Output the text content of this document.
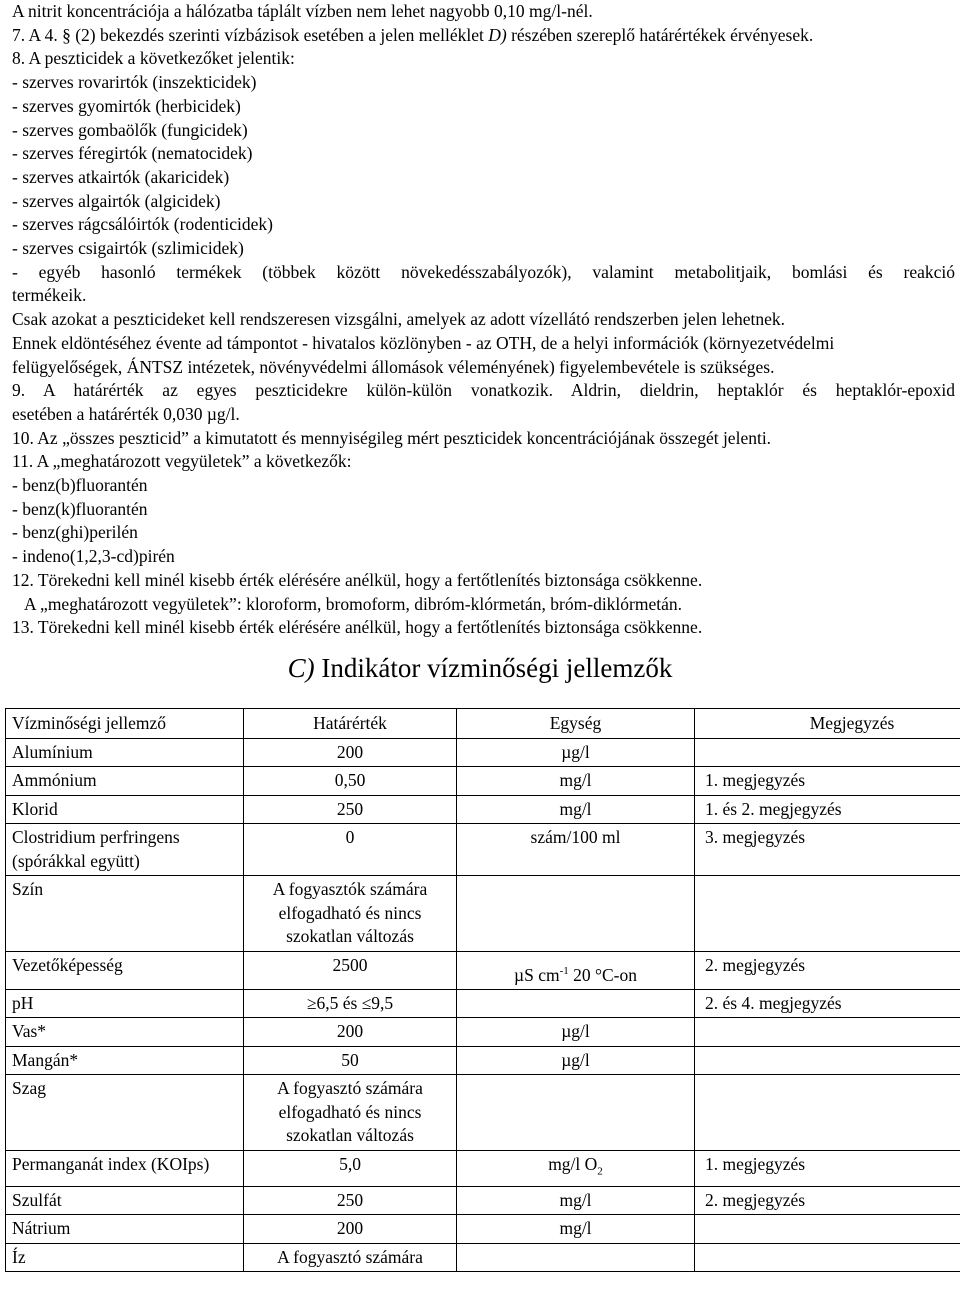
A nitrit koncentrációja a hálózatba táplált vízben nem lehet nagyobb 0,10 mg/l-nél.
7. A 4. § (2) bekezdés szerinti vízbázisok esetében a jelen melléklet D) részében szereplő határértékek érvényesek.
8. A peszticidek a következőket jelentik:
- szerves rovarirtók (inszekticidek)
- szerves gyomirtók (herbicidek)
- szerves gombaölők (fungicidek)
- szerves féregirtók (nematocidek)
- szerves atkairtók (akaricidek)
- szerves algairtók (algicidek)
- szerves rágcsálóirtók (rodenticidek)
- szerves csigairtók (szlimicidek)
- egyéb hasonló termékek (többek között növekedésszabályozók), valamint metabolitjaik, bomlási és reakció
termékeik.
Csak azokat a peszticideket kell rendszeresen vizsgálni, amelyek az adott vízellátó rendszerben jelen lehetnek.
Ennek eldöntéséhez évente ad támpontot - hivatalos közlönyben - az OTH, de a helyi információk (környezetvédelmi
felügyelőségek, ÁNTSZ intézetek, növényvédelmi állomások véleményének) figyelembevétele is szükséges.
9. A határérték az egyes peszticidekre külön-külön vonatkozik. Aldrin, dieldrin, heptaklór és heptaklór-epoxid
esetében a határérték 0,030 µg/l.
10. Az „összes peszticid” a kimutatott és mennyiségileg mért peszticidek koncentrációjának összegét jelenti.
11. A „meghatározott vegyületek” a következők:
- benz(b)fluorantén
- benz(k)fluorantén
- benz(ghi)perilén
- indeno(1,2,3-cd)pirén
12. Törekedni kell minél kisebb érték elérésére anélkül, hogy a fertőtlenítés biztonsága csökkenne.
A „meghatározott vegyületek”: kloroform, bromoform, dibróm-klórmetán, bróm-diklórmetán.
13. Törekedni kell minél kisebb érték elérésére anélkül, hogy a fertőtlenítés biztonsága csökkenne.
C) Indikátor vízminőségi jellemzők
Vízminőségi jellemző	Határérték	Egység	Megjegyzés
Alumínium	200	µg/l	
Ammónium	0,50	mg/l	1. megjegyzés
Klorid	250	mg/l	1. és 2. megjegyzés
Clostridium perfringens (spórákkal együtt)	0	szám/100 ml	3. megjegyzés
Szín	A fogyasztók számára elfogadható és nincs szokatlan változás		
Vezetőképesség	2500	µS $cm^{-1}$ 20 °C-on	2. megjegyzés
pH	≥6,5 és ≤9,5		2. és 4. megjegyzés
Vas*	200	µg/l	
Mangán*	50	µg/l	
Szag	A fogyasztó számára elfogadható és nincs szokatlan változás		
Permanganát index (KOIps)	5,0	mg/l $O_2$	1. megjegyzés
Szulfát	250	mg/l	2. megjegyzés
Nátrium	200	mg/l	
Íz	A fogyasztó számára		
